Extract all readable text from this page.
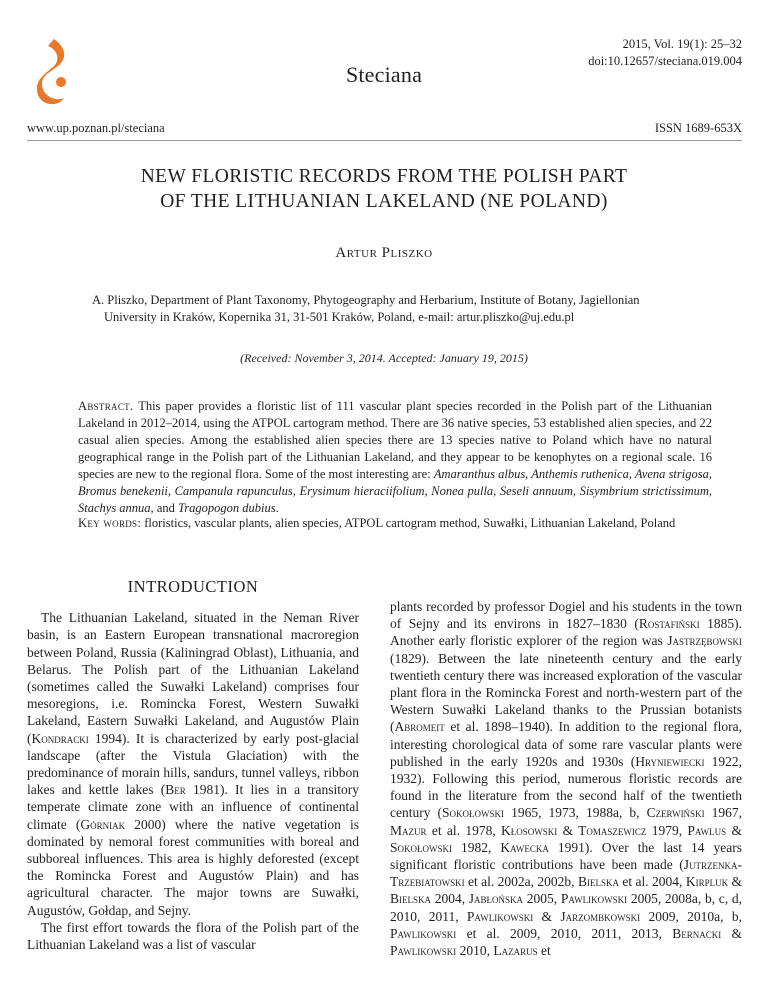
Steciana
2015, Vol. 19(1): 25–32
doi:10.12657/steciana.019.004
www.up.poznan.pl/steciana	ISSN 1689-653X
NEW FLORISTIC RECORDS FROM THE POLISH PART
OF THE LITHUANIAN LAKELAND (NE POLAND)
Artur Pliszko
A. Pliszko, Department of Plant Taxonomy, Phytogeography and Herbarium, Institute of Botany, Jagiellonian
University in Kraków, Kopernika 31, 31-501 Kraków, Poland, e-mail: artur.pliszko@uj.edu.pl
(Received: November 3, 2014. Accepted: January 19, 2015)
Abstract. This paper provides a floristic list of 111 vascular plant species recorded in the Polish part of the Lithuanian Lakeland in 2012–2014, using the ATPOL cartogram method. There are 36 native species, 53 established alien species, and 22 casual alien species. Among the established alien species there are 13 species native to Poland which have no natural geographical range in the Polish part of the Lithuanian Lakeland, and they appear to be kenophytes on a regional scale. 16 species are new to the regional flora. Some of the most interesting are: Amaranthus albus, Anthemis ruthenica, Avena strigosa, Bromus benekenii, Campanula rapunculus, Erysimum hieraciifolium, Nonea pulla, Seseli annuum, Sisymbrium strictissimum, Stachys annua, and Tragopogon dubius.
Key words: floristics, vascular plants, alien species, ATPOL cartogram method, Suwałki, Lithuanian Lakeland, Poland
INTRODUCTION

The Lithuanian Lakeland, situated in the Neman River basin, is an Eastern European transnational macroregion between Poland, Russia (Kaliningrad Oblast), Lithuania, and Belarus. The Polish part of the Lithuanian Lakeland (sometimes called the Suwałki Lakeland) comprises four mesoregions, i.e. Romincka Forest, Western Suwałki Lakeland, Eastern Suwałki Lakeland, and Augustów Plain (Kondracki 1994). It is characterized by early post-glacial landscape (after the Vistula Glaciation) with the predominance of morain hills, sandurs, tunnel valleys, ribbon lakes and kettle lakes (Ber 1981). It lies in a transitory temperate climate zone with an influence of continental climate (Górniak 2000) where the native vegetation is dominated by nemoral forest communities with boreal and subboreal influences. This area is highly deforested (except the Romincka Forest and Augustów Plain) and has agricultural character. The major towns are Suwałki, Augustów, Gołdap, and Sejny.

The first effort towards the flora of the Polish part of the Lithuanian Lakeland was a list of vascular

plants recorded by professor Dogiel and his students in the town of Sejny and its environs in 1827–1830 (Rostafiński 1885). Another early floristic explorer of the region was Jastrzębowski (1829). Between the late nineteenth century and the early twentieth century there was increased exploration of the vascular plant flora in the Romincka Forest and north-western part of the Western Suwałki Lakeland thanks to the Prussian botanists (Abromeit et al. 1898–1940). In addition to the regional flora, interesting chorological data of some rare vascular plants were published in the early 1920s and 1930s (Hryniewiecki 1922, 1932). Following this period, numerous floristic records are found in the literature from the second half of the twentieth century (Sokołowski 1965, 1973, 1988a, b, Czerwiński 1967, Mazur et al. 1978, Kłosowski & Tomaszewicz 1979, Pawlus & Sokołowski 1982, Kawecka 1991). Over the last 14 years significant floristic contributions have been made (Jutrzenka-Trzebiatowski et al. 2002a, 2002b, Bielska et al. 2004, Kirpluk & Bielska 2004, Jabłońska 2005, Pawlikowski 2005, 2008a, b, c, d, 2010, 2011, Pawlikowski & Jarzombkowski 2009, 2010a, b, Pawlikowski et al. 2009, 2010, 2011, 2013, Bernacki & Pawlikowski 2010, Lazarus et
